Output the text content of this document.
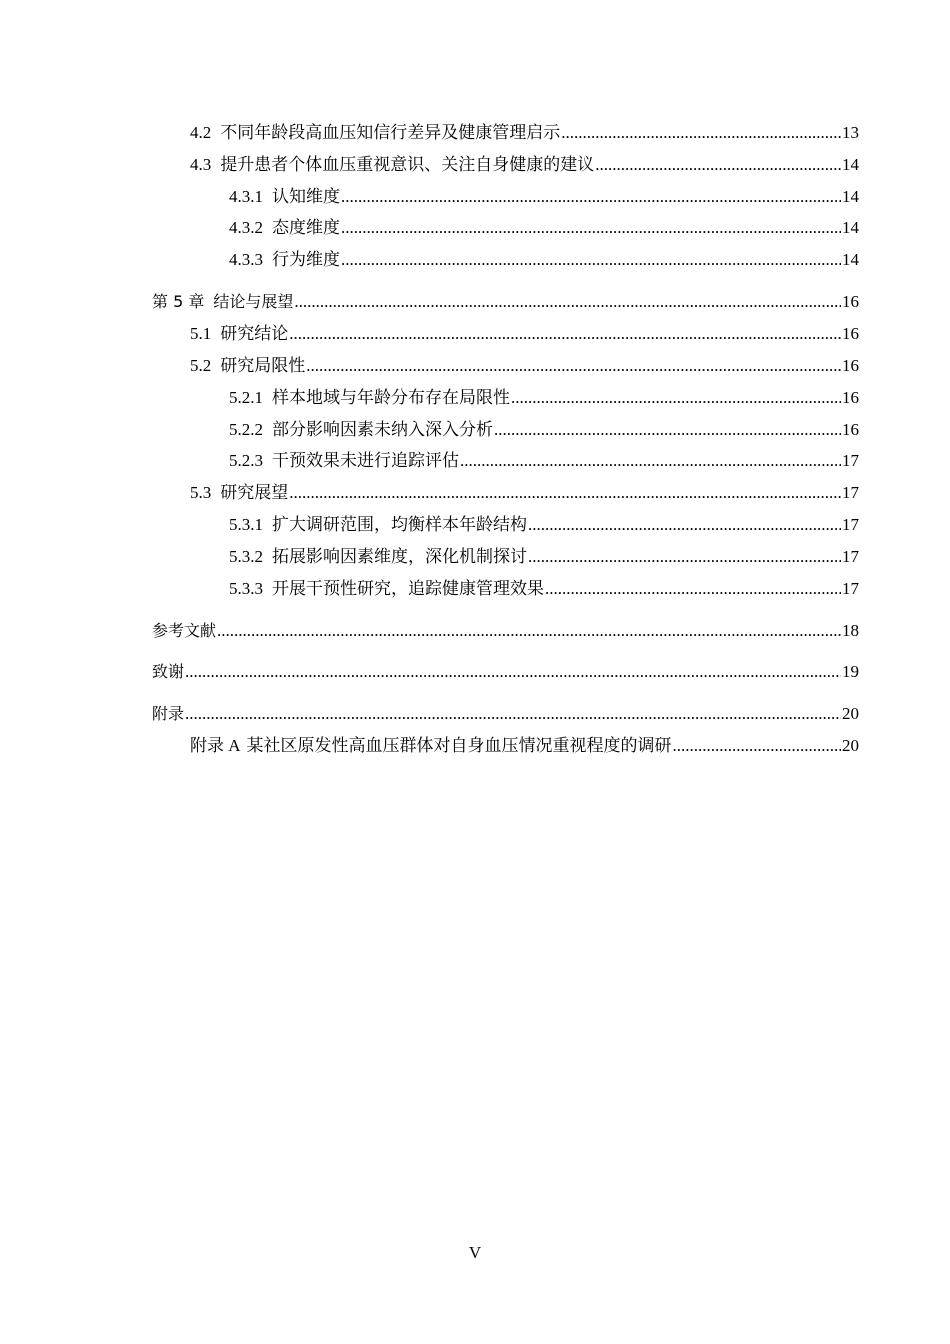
4.2 不同年龄段高血压知信行差异及健康管理启示 .....	13
4.3 提升患者个体血压重视意识、关注自身健康的建议 .....	14
4.3.1 认知维度 .....	14
4.3.2 态度维度 .....	14
4.3.3 行为维度 .....	14
第 5 章 结论与展望 .....	16
5.1 研究结论 .....	16
5.2 研究局限性 .....	16
5.2.1 样本地域与年龄分布存在局限性 .....	16
5.2.2 部分影响因素未纳入深入分析 .....	16
5.2.3 干预效果未进行追踪评估 .....	17
5.3 研究展望 .....	17
5.3.1 扩大调研范围，均衡样本年龄结构 .....	17
5.3.2 拓展影响因素维度，深化机制探讨 .....	17
5.3.3 开展干预性研究，追踪健康管理效果 .....	17
参考文献 .....	18
致谢 .....	19
附录 .....	20
附录 A 某社区原发性高血压群体对自身血压情况重视程度的调研 .....	20
V
